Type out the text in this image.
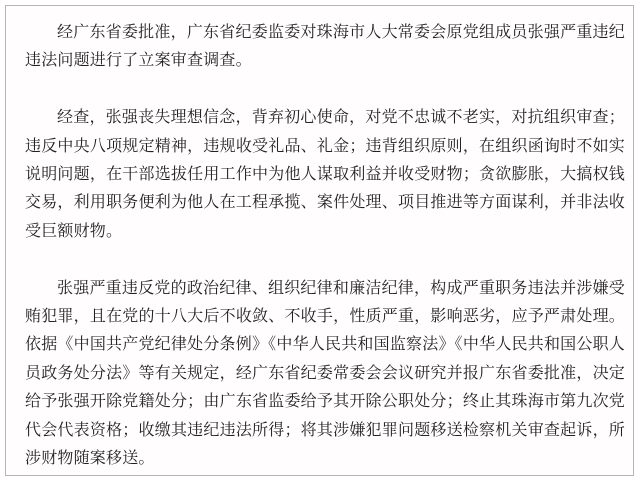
经广东省委批准，广东省纪委监委对珠海市人大常委会原党组成员张强严重违纪违法问题进行了立案审查调查。

经查，张强丧失理想信念，背弃初心使命，对党不忠诚不老实，对抗组织审查；违反中央八项规定精神，违规收受礼品、礼金；违背组织原则，在组织函询时不如实说明问题，在干部选拔任用工作中为他人谋取利益并收受财物；贪欲膨胀，大搞权钱交易，利用职务便利为他人在工程承揽、案件处理、项目推进等方面谋利，并非法收受巨额财物。

张强严重违反党的政治纪律、组织纪律和廉洁纪律，构成严重职务违法并涉嫌受贿犯罪，且在党的十八大后不收敛、不收手，性质严重，影响恶劣，应予严肃处理。依据《中国共产党纪律处分条例》《中华人民共和国监察法》《中华人民共和国公职人员政务处分法》等有关规定，经广东省纪委常委会会议研究并报广东省委批准，决定给予张强开除党籍处分；由广东省监委给予其开除公职处分；终止其珠海市第九次党代会代表资格；收缴其违纪违法所得；将其涉嫌犯罪问题移送检察机关审查起诉，所涉财物随案移送。
